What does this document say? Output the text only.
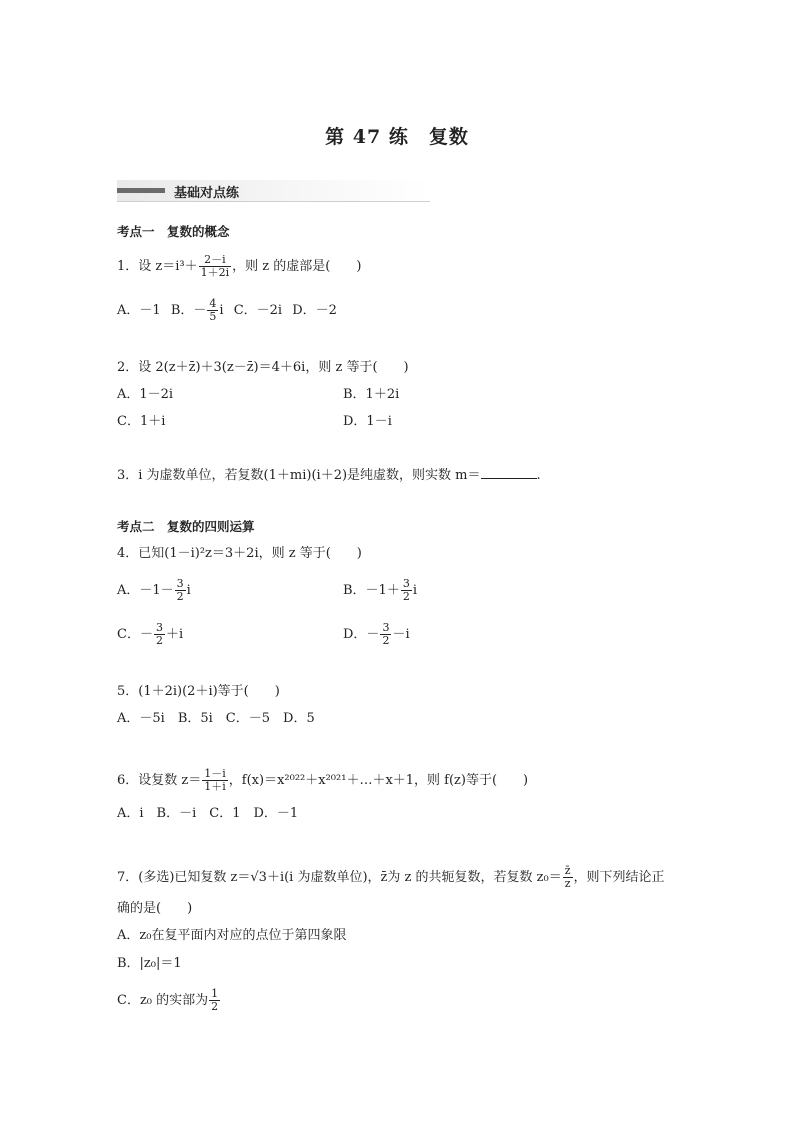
第 47 练　复数
基础对点练
考点一　复数的概念
1．设 $z=i^3+ \frac{2-i}{1+2i}$ ，则 z 的虚部是(　　)
A．－1 B．－ $\frac{4}{5}$ i C．－2i D．－2
2．设 2(z＋z̄)＋3(z－z̄)＝4＋6i，则 z 等于(　　)
A．1－2i	B．1＋2i
C．1＋i	D．1－i
3．i 为虚数单位，若复数(1＋mi)(i＋2)是纯虚数，则实数 m＝	.
考点二　复数的四则运算
4．已知(1－i)²z＝3＋2i，则 z 等于(　　)
A．$-1- \frac{3}{2}$ i	B．$-1+ \frac{3}{2}$ i
C．－ $\frac{3}{2} +i$	D．－ $\frac{3}{2} -i$
5．(1＋2i)(2＋i)等于(　　)
A．－5i　B．5i　C．－5　D．5
6．设复数 $z= \frac{1-i}{1+i}$ ，f(x)＝x²⁰²²＋x²⁰²¹＋…＋x＋1，则 f(z)等于(　　)
A．i　B．－i　C．1　D．－1
7．(多选)已知复数 z＝√3＋i(i 为虚数单位)，z̄为 z 的共轭复数，若复数 $z_0= \frac{z̄}{z}$ ，则下列结论正
确的是(　　)
A．z₀在复平面内对应的点位于第四象限
B．|z₀|＝1
C．z₀ 的实部为 $\frac{1}{2}$
